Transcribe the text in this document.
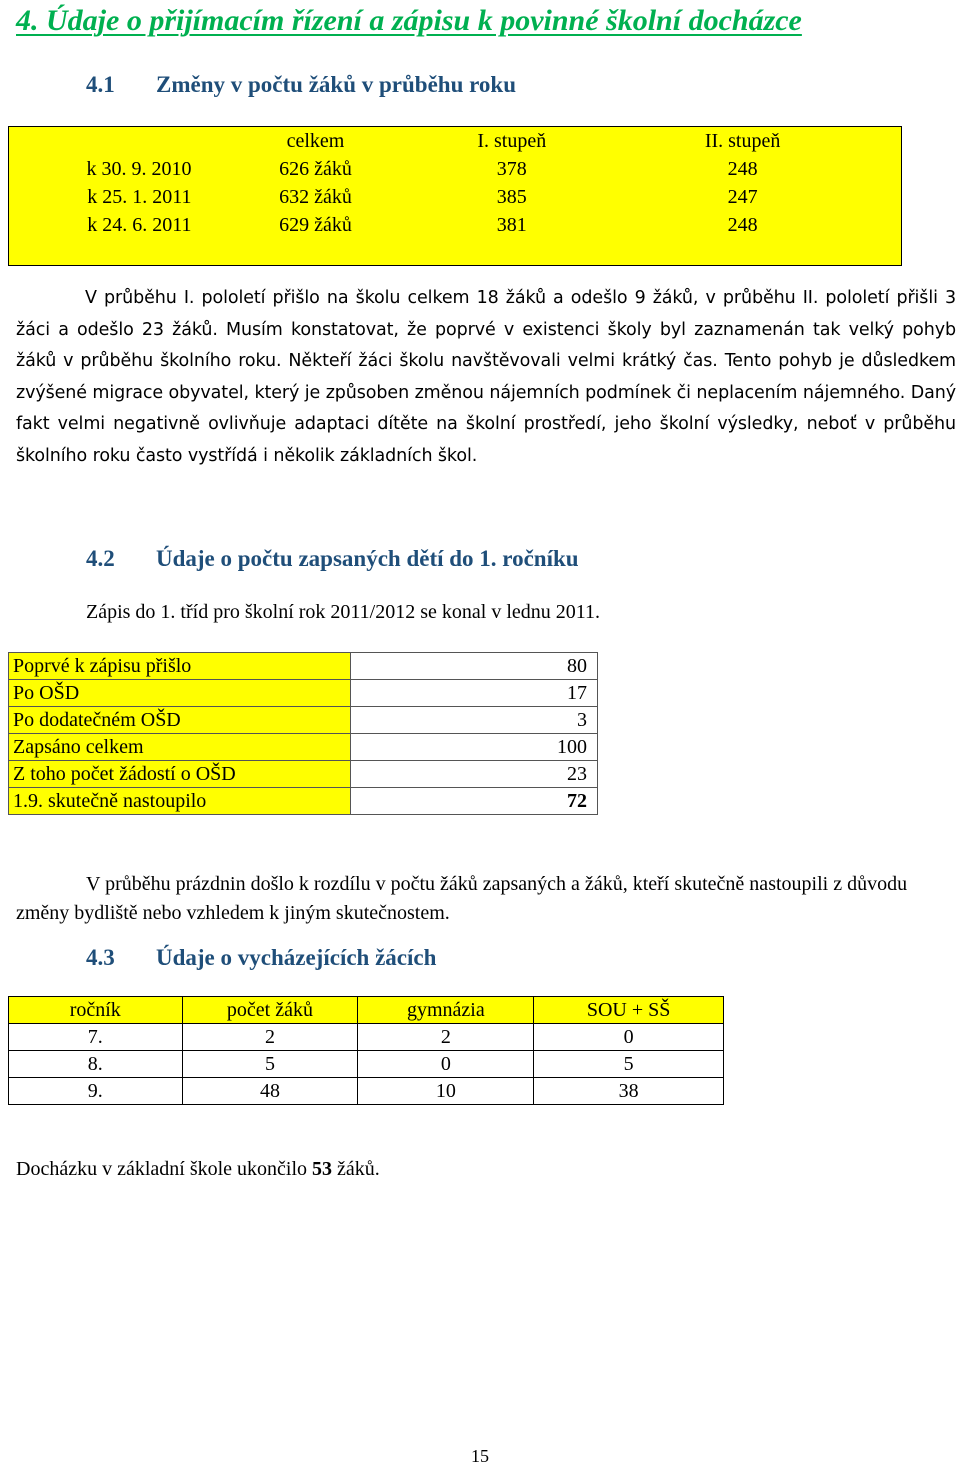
4. Údaje o přijímacím řízení a zápisu k povinné školní docházce
4.1 Změny v počtu žáků v průběhu roku
	celkem	I. stupeň	II. stupeň
k 30. 9. 2010	626 žáků	378	248
k 25. 1. 2011	632 žáků	385	247
k 24. 6. 2011	629 žáků	381	248

V průběhu I. pololetí přišlo na školu celkem 18 žáků a odešlo 9 žáků, v průběhu II. pololetí přišli 3 žáci a odešlo 23 žáků. Musím konstatovat, že poprvé v existenci školy byl zaznamenán tak velký pohyb žáků v průběhu školního roku. Někteří žáci školu navštěvovali velmi krátký čas. Tento pohyb je důsledkem zvýšené migrace obyvatel, který je způsoben změnou nájemních podmínek či neplacením nájemného. Daný fakt velmi negativně ovlivňuje adaptaci dítěte na školní prostředí, jeho školní výsledky, neboť v průběhu školního roku často vystřídá i několik základních škol.
4.2 Údaje o počtu zapsaných dětí do 1. ročníku
Zápis do 1. tříd pro školní rok 2011/2012 se konal v lednu 2011.
Poprvé k zápisu přišlo	80
Po OŠD	17
Po dodatečném OŠD	3
Zapsáno celkem	100
Z toho počet žádostí o OŠD	23
1.9. skutečně nastoupilo	72
V průběhu prázdnin došlo k rozdílu v počtu žáků zapsaných a žáků, kteří skutečně nastoupili z důvodu změny bydliště nebo vzhledem k jiným skutečnostem.
4.3 Údaje o vycházejících žácích
ročník	počet žáků	gymnázia	SOU + SŠ
7.	2	2	0
8.	5	0	5
9.	48	10	38
Docházku v základní škole ukončilo 53 žáků.
15
